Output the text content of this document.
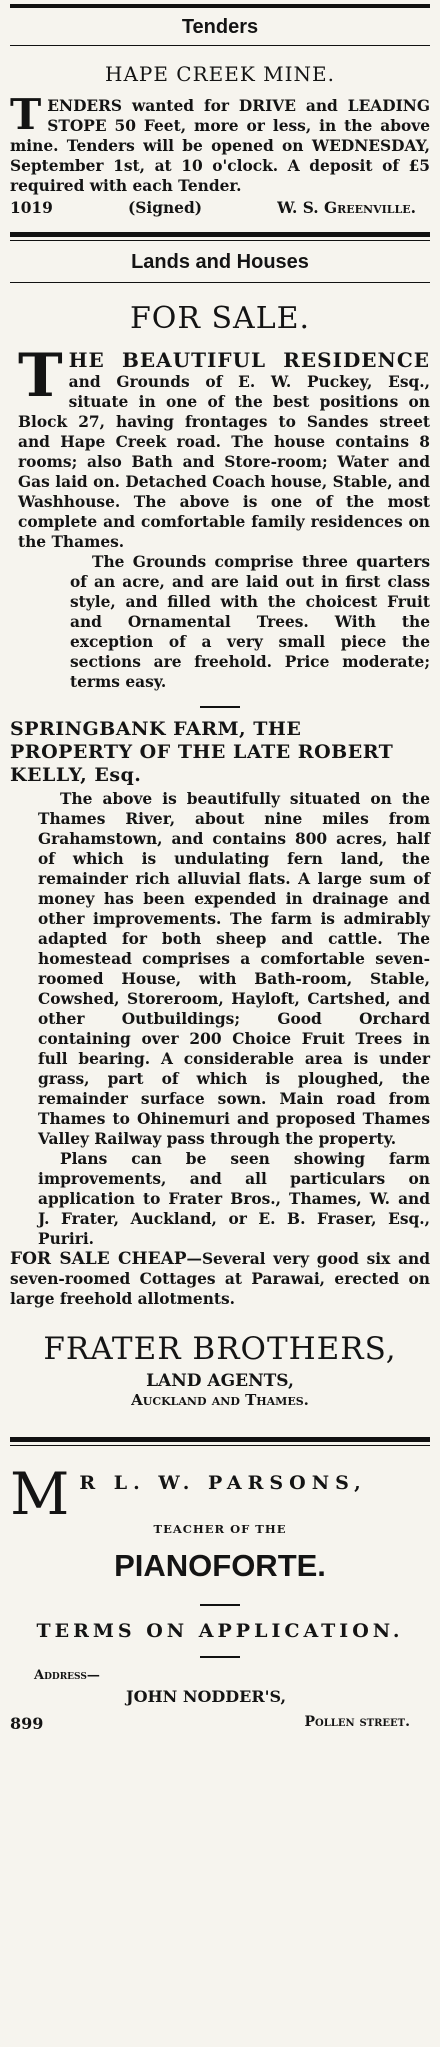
Tenders
HAPE CREEK MINE.

TENDERS wanted for DRIVE and LEADING STOPE 50 Feet, more or less, in the above mine. Tenders will be opened on WEDNESDAY, September 1st, at 10 o'clock. A deposit of £5 required with each Tender.

1019	(Signed)	W. S. Greenville.
Lands and Houses
FOR SALE.

THE BEAUTIFUL RESIDENCE and Grounds of E. W. Puckey, Esq., situate in one of the best positions on Block 27, having frontages to Sandes street and Hape Creek road. The house contains 8 rooms; also Bath and Store-room; Water and Gas laid on. Detached Coach house, Stable, and Washhouse. The above is one of the most complete and comfortable family residences on the Thames.

The Grounds comprise three quarters of an acre, and are laid out in first class style, and filled with the choicest Fruit and Ornamental Trees. With the exception of a very small piece the sections are freehold. Price moderate; terms easy.

SPRINGBANK FARM, THE PROPERTY OF THE LATE ROBERT KELLY, Esq.

The above is beautifully situated on the Thames River, about nine miles from Grahamstown, and contains 800 acres, half of which is undulating fern land, the remainder rich alluvial flats. A large sum of money has been expended in drainage and other improvements. The farm is admirably adapted for both sheep and cattle. The homestead comprises a comfortable seven-roomed House, with Bath-room, Stable, Cowshed, Storeroom, Hayloft, Cartshed, and other Outbuildings; Good Orchard containing over 200 Choice Fruit Trees in full bearing. A considerable area is under grass, part of which is ploughed, the remainder surface sown. Main road from Thames to Ohinemuri and proposed Thames Valley Railway pass through the property.

Plans can be seen showing farm improvements, and all particulars on application to Frater Bros., Thames, W. and J. Frater, Auckland, or E. B. Fraser, Esq., Puriri.

FOR SALE CHEAP—Several very good six and seven-roomed Cottages at Parawai, erected on large freehold allotments.

FRATER BROTHERS,
LAND AGENTS,
Auckland and Thames.
M R L. W. PARSONS,
TEACHER OF THE
PIANOFORTE.
TERMS ON APPLICATION.
Address—
JOHN NODDER'S,
899	Pollen street.
